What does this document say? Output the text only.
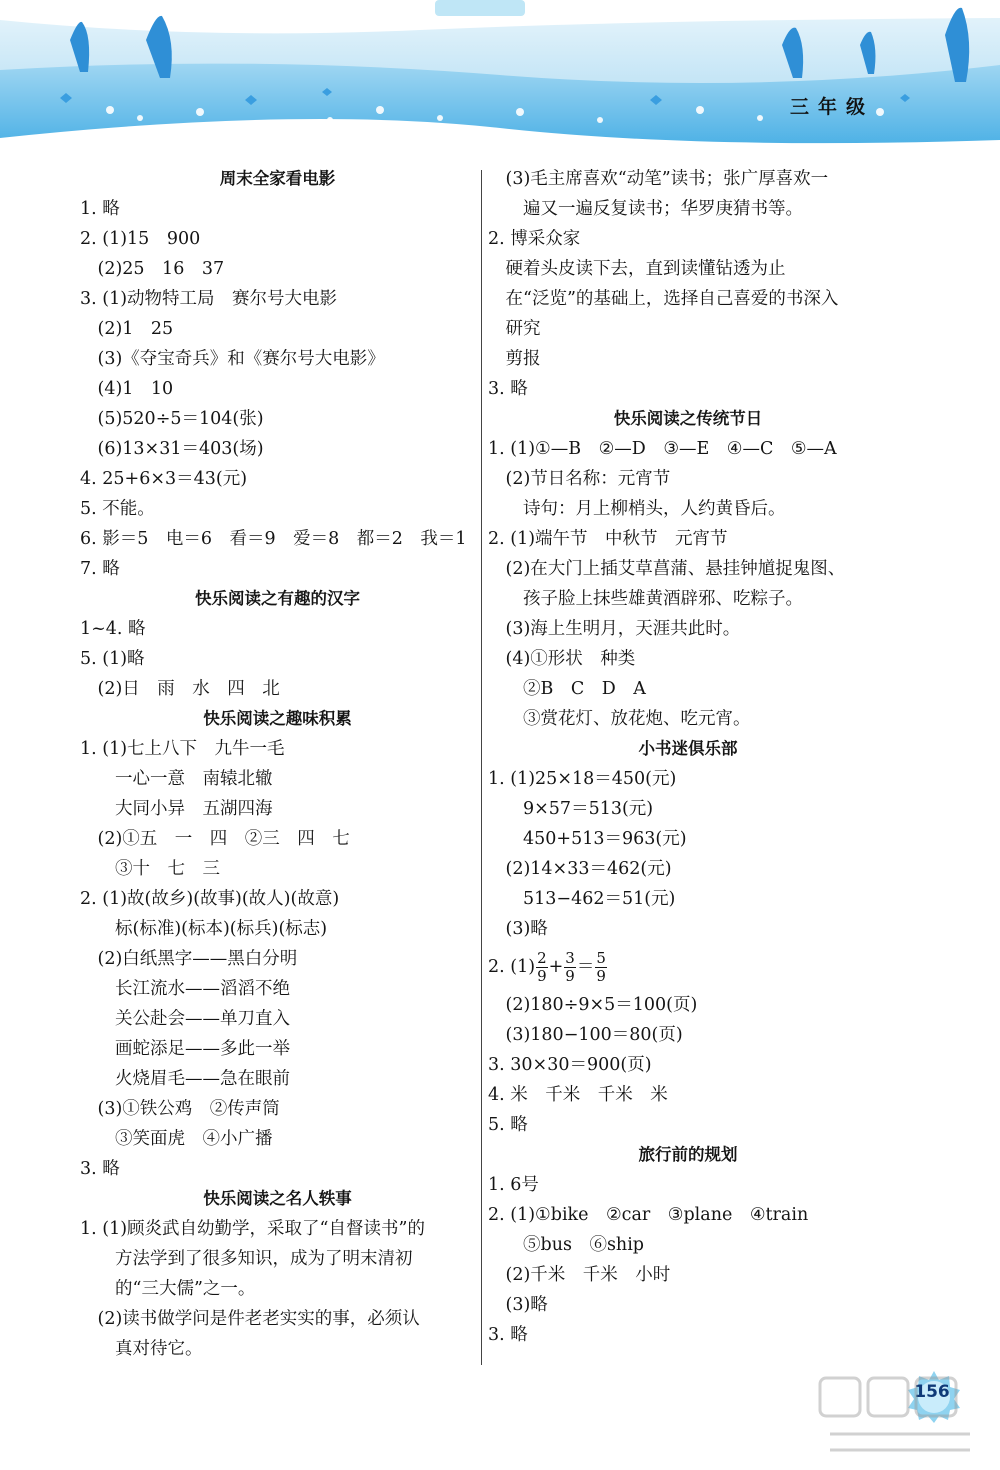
三年级
周末全家看电影
1. 略
2. (1)15　900
　(2)25　16　37
3. (1)动物特工局　赛尔号大电影
　(2)1　25
　(3)《夺宝奇兵》和《赛尔号大电影》
　(4)1　10
　(5)520÷5＝104(张)
　(6)13×31＝403(场)
4. 25+6×3＝43(元)
5. 不能。
6. 影＝5　电＝6　看＝9　爱＝8　都＝2　我＝1
7. 略
快乐阅读之有趣的汉字
1~4. 略
5. (1)略
　(2)日　雨　水　四　北
快乐阅读之趣味积累
1. (1)七上八下　九牛一毛
　　一心一意　南辕北辙
　　大同小异　五湖四海
　(2)①五　一　四　②三　四　七
　　③十　七　三
2. (1)故(故乡)(故事)(故人)(故意)
　　标(标准)(标本)(标兵)(标志)
　(2)白纸黑字——黑白分明
　　长江流水——滔滔不绝
　　关公赴会——单刀直入
　　画蛇添足——多此一举
　　火烧眉毛——急在眼前
　(3)①铁公鸡　②传声筒
　　③笑面虎　④小广播
3. 略
快乐阅读之名人轶事
1. (1)顾炎武自幼勤学，采取了“自督读书”的
　　方法学到了很多知识，成为了明末清初
　　的“三大儒”之一。
　(2)读书做学问是件老老实实的事，必须认
　　真对待它。
　(3)毛主席喜欢“动笔”读书；张广厚喜欢一
　　遍又一遍反复读书；华罗庚猜书等。
2. 博采众家
　硬着头皮读下去，直到读懂钻透为止
　在“泛览”的基础上，选择自己喜爱的书深入
　研究
　剪报
3. 略
快乐阅读之传统节日
1. (1)①—B　②—D　③—E　④—C　⑤—A
　(2)节日名称：元宵节
　　诗句：月上柳梢头，人约黄昏后。
2. (1)端午节　中秋节　元宵节
　(2)在大门上插艾草菖蒲、悬挂钟馗捉鬼图、
　　孩子脸上抹些雄黄酒辟邪、吃粽子。
　(3)海上生明月，天涯共此时。
　(4)①形状　种类
　　②B　C　D　A
　　③赏花灯、放花炮、吃元宵。
小书迷俱乐部
1. (1)25×18＝450(元)
　　9×57＝513(元)
　　450+513＝963(元)
　(2)14×33＝462(元)
　　513−462＝51(元)
　(3)略
2. $(1) \frac{2}{9} + \frac{3}{9} = \frac{5}{9}$
　(2)180÷9×5＝100(页)
　(3)180−100＝80(页)
3. 30×30＝900(页)
4. 米　千米　千米　米
5. 略
旅行前的规划
1. 6号
2. (1)①bike　②car　③plane　④train
　　⑤bus　⑥ship
　(2)千米　千米　小时
　(3)略
3. 略
156
